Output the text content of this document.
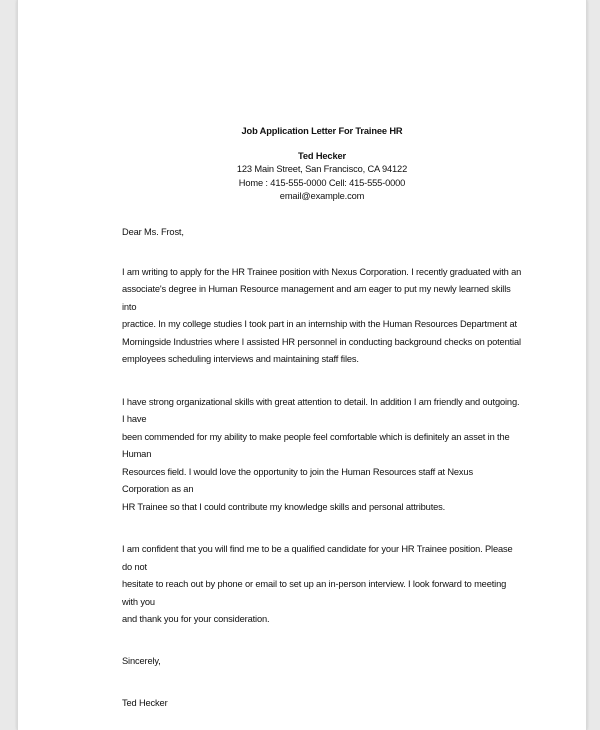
Job Application Letter For Trainee HR
Ted Hecker
123 Main Street, San Francisco, CA 94122
Home : 415-555-0000 Cell: 415-555-0000
email@example.com
Dear Ms. Frost,
I am writing to apply for the HR Trainee position with Nexus Corporation. I recently graduated with an
associate's degree in Human Resource management and am eager to put my newly learned skills into
practice. In my college studies I took part in an internship with the Human Resources Department at
Morningside Industries where I assisted HR personnel in conducting background checks on potential
employees scheduling interviews and maintaining staff files.
I have strong organizational skills with great attention to detail. In addition I am friendly and outgoing. I have
been commended for my ability to make people feel comfortable which is definitely an asset in the Human
Resources field. I would love the opportunity to join the Human Resources staff at Nexus Corporation as an
HR Trainee so that I could contribute my knowledge skills and personal attributes.
I am confident that you will find me to be a qualified candidate for your HR Trainee position. Please do not
hesitate to reach out by phone or email to set up an in-person interview. I look forward to meeting with you
and thank you for your consideration.
Sincerely,
Ted Hecker
